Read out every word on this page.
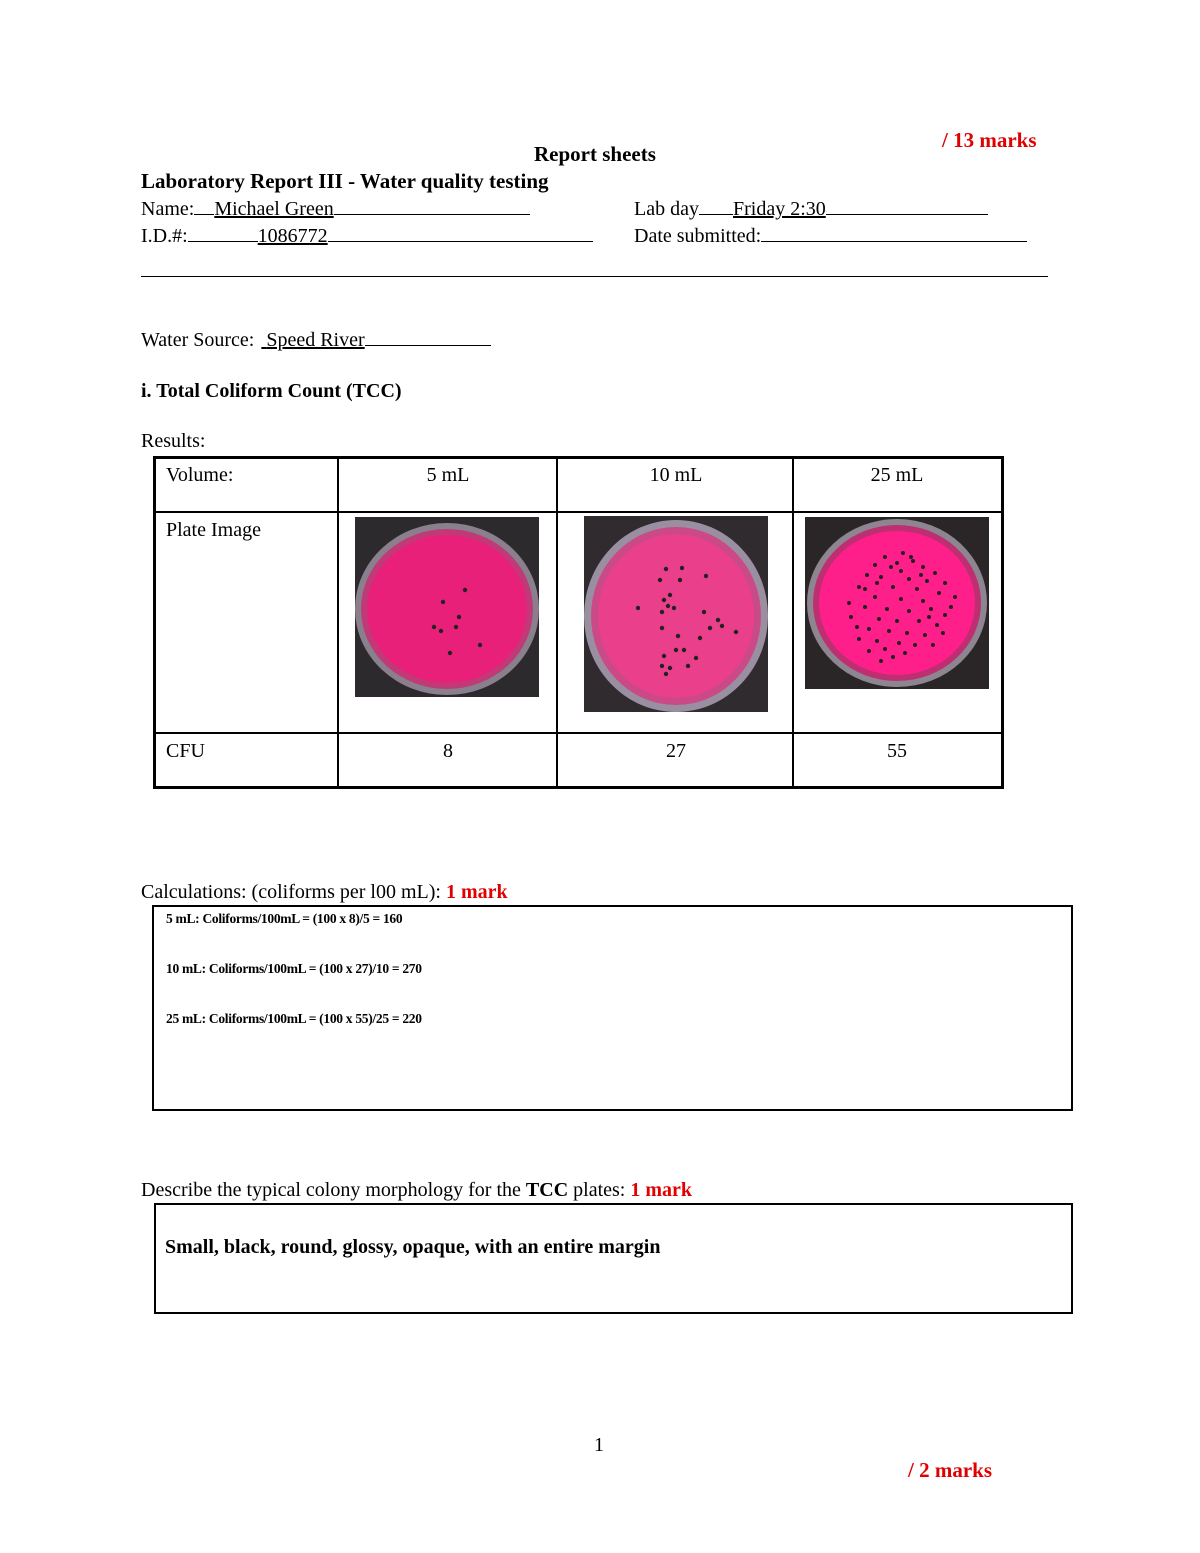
/ 13 marks
Report sheets
Laboratory Report III - Water quality testing
Name: Michael Green	Lab day Friday 2:30
I.D.#:	1086772	Date submitted:
Water Source: Speed River
i. Total Coliform Count (TCC)
Results:
Volume:	5 mL	10 mL	25 mL
Plate Image
CFU	8	27	55
Calculations: (coliforms per l00 mL): 1 mark
5 mL: Coliforms/100mL = (100 x 8)/5 = 160
10 mL: Coliforms/100mL = (100 x 27)/10 = 270
25 mL: Coliforms/100mL = (100 x 55)/25 = 220
Describe the typical colony morphology for the TCC plates: 1 mark
Small, black, round, glossy, opaque, with an entire margin
1
/ 2 marks
